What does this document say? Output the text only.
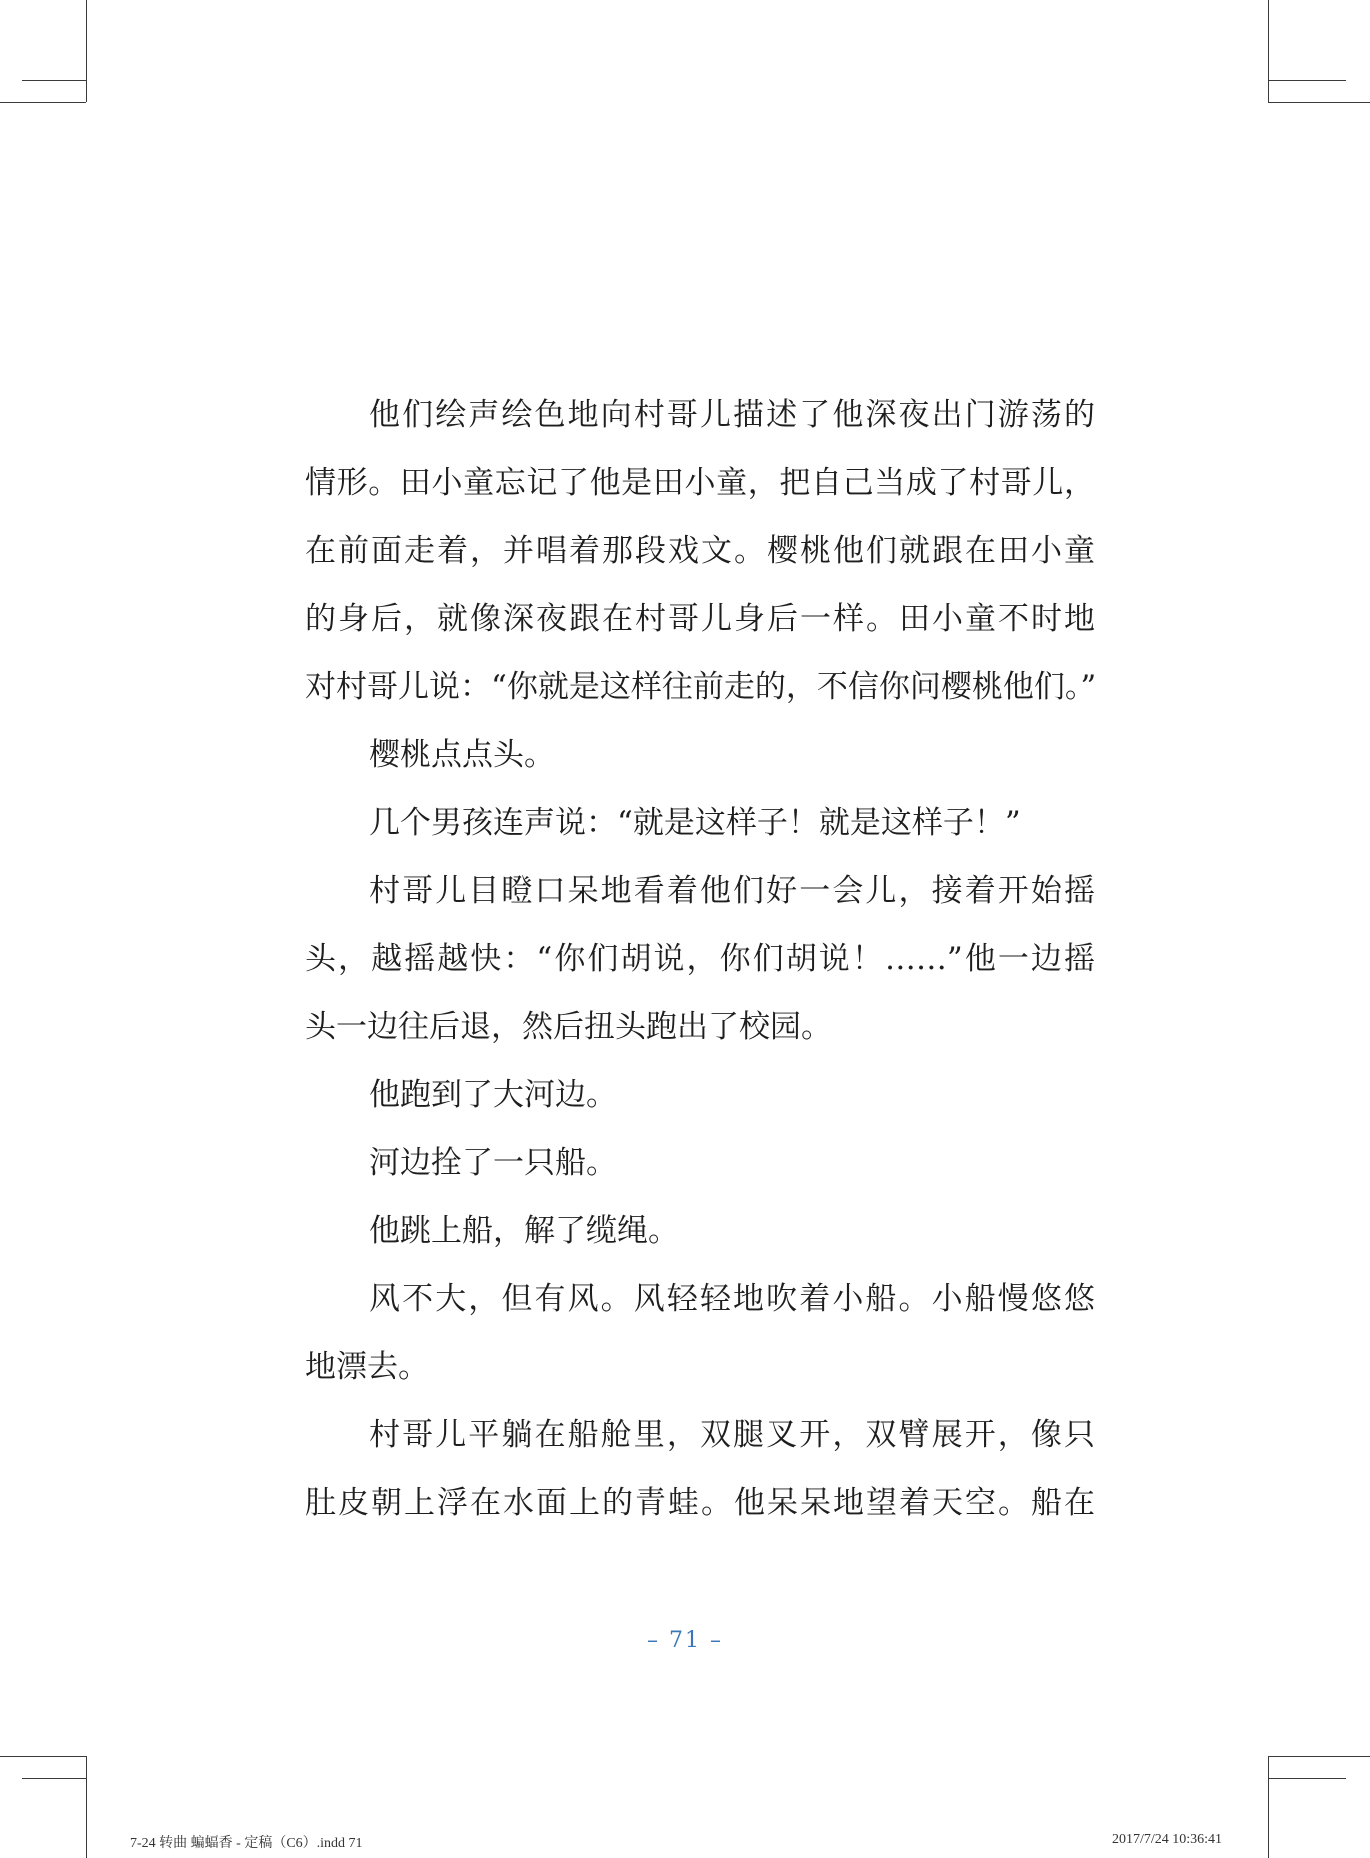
他们绘声绘色地向村哥儿描述了他深夜出门游荡的
情形。田小童忘记了他是田小童，把自己当成了村哥儿，
在前面走着，并唱着那段戏文。樱桃他们就跟在田小童
的身后，就像深夜跟在村哥儿身后一样。田小童不时地
对村哥儿说：“你就是这样往前走的，不信你问樱桃他们。”
樱桃点点头。
几个男孩连声说：“就是这样子！就是这样子！”
村哥儿目瞪口呆地看着他们好一会儿，接着开始摇
头，越摇越快：“你们胡说，你们胡说！……”他一边摇
头一边往后退，然后扭头跑出了校园。
他跑到了大河边。
河边拴了一只船。
他跳上船，解了缆绳。
风不大，但有风。风轻轻地吹着小船。小船慢悠悠
地漂去。
村哥儿平躺在船舱里，双腿叉开，双臂展开，像只
肚皮朝上浮在水面上的青蛙。他呆呆地望着天空。船在
– 71 –
7-24 转曲 蝙蝠香 - 定稿（C6）.indd 71	2017/7/24 10:36:41
